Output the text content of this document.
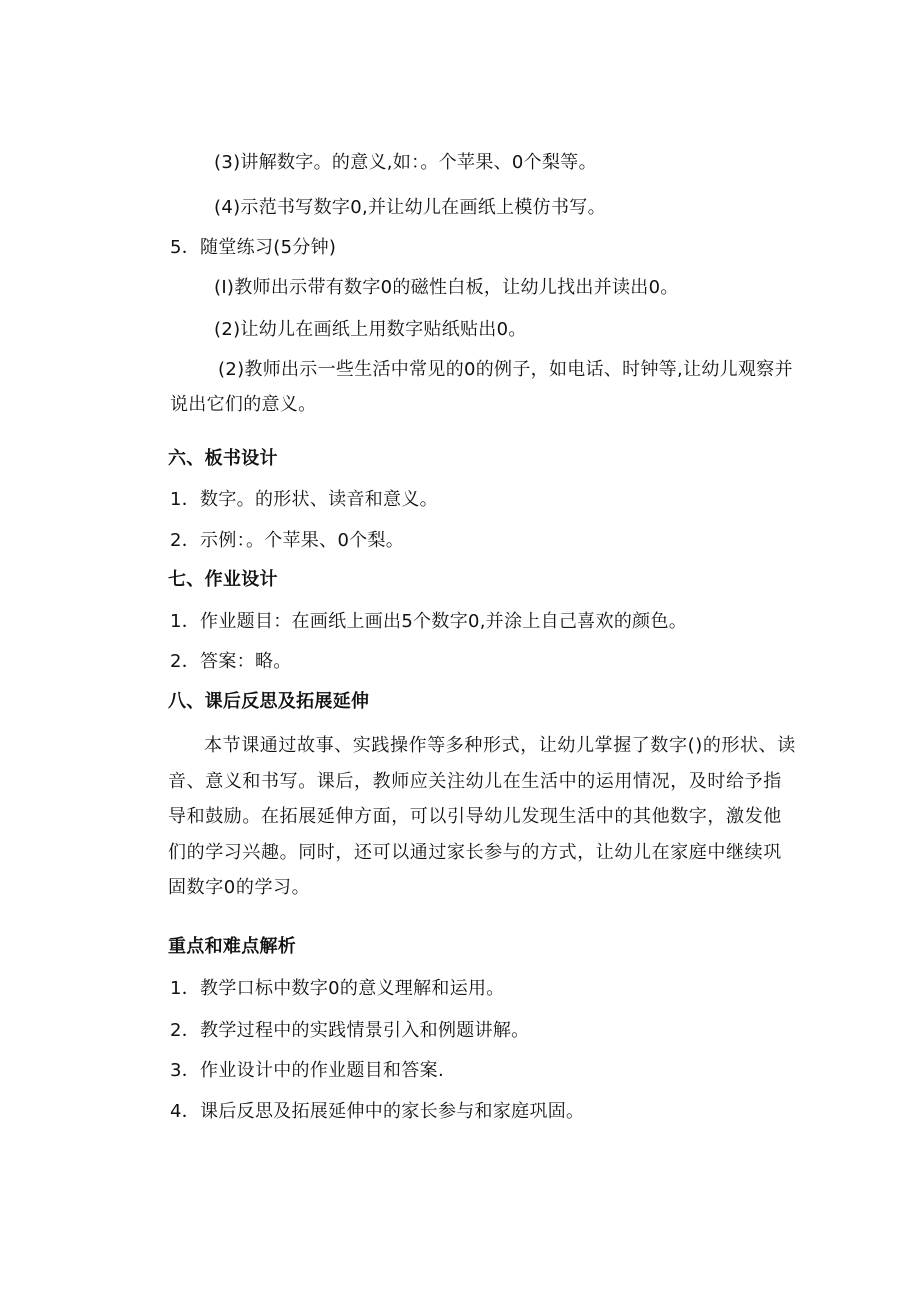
(3)讲解数字。的意义,如：。个苹果、0个梨等。
(4)示范书写数字0,并让幼儿在画纸上模仿书写。
5．随堂练习(5分钟)
(I)教师出示带有数字0的磁性白板，让幼儿找出并读出0。
(2)让幼儿在画纸上用数字贴纸贴出0。
(2)教师出示一些生活中常见的0的例子，如电话、时钟等,让幼儿观察并说出它们的意义。
六、板书设计
1．数字。的形状、读音和意义。
2．示例：。个苹果、0个梨。
七、作业设计
1．作业题目：在画纸上画出5个数字0,并涂上自己喜欢的颜色。
2．答案：略。
八、课后反思及拓展延伸
本节课通过故事、实践操作等多种形式，让幼儿掌握了数字()的形状、读音、意义和书写。课后，教师应关注幼儿在生活中的运用情况，及时给予指导和鼓励。在拓展延伸方面，可以引导幼儿发现生活中的其他数字，激发他们的学习兴趣。同时，还可以通过家长参与的方式，让幼儿在家庭中继续巩固数字0的学习。
重点和难点解析
1．教学口标中数字0的意义理解和运用。
2．教学过程中的实践情景引入和例题讲解。
3．作业设计中的作业题目和答案.
4．课后反思及拓展延伸中的家长参与和家庭巩固。
